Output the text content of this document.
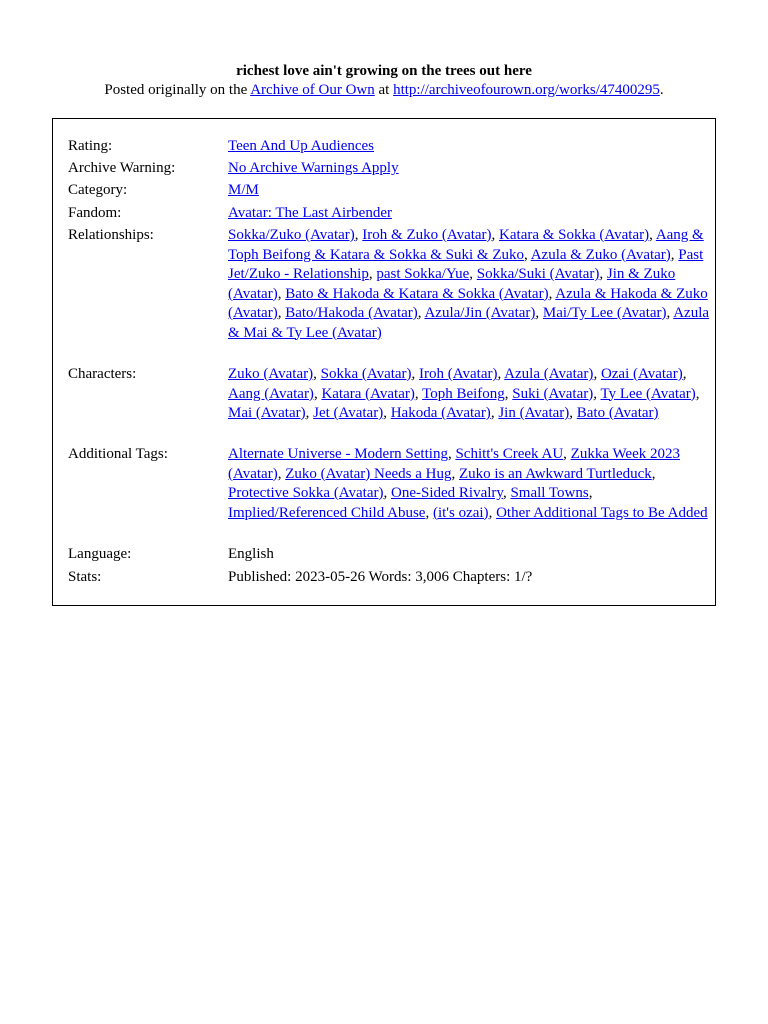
richest love ain't growing on the trees out here
Posted originally on the Archive of Our Own at http://archiveofourown.org/works/47400295.
Rating:	Teen And Up Audiences
Archive Warning:	No Archive Warnings Apply
Category:	M/M
Fandom:	Avatar: The Last Airbender
Relationships:	Sokka/Zuko (Avatar), Iroh & Zuko (Avatar), Katara & Sokka (Avatar), Aang & Toph Beifong & Katara & Sokka & Suki & Zuko, Azula & Zuko (Avatar), Past Jet/Zuko - Relationship, past Sokka/Yue, Sokka/Suki (Avatar), Jin & Zuko (Avatar), Bato & Hakoda & Katara & Sokka (Avatar), Azula & Hakoda & Zuko (Avatar), Bato/Hakoda (Avatar), Azula/Jin (Avatar), Mai/Ty Lee (Avatar), Azula & Mai & Ty Lee (Avatar)
Characters:	Zuko (Avatar), Sokka (Avatar), Iroh (Avatar), Azula (Avatar), Ozai (Avatar), Aang (Avatar), Katara (Avatar), Toph Beifong, Suki (Avatar), Ty Lee (Avatar), Mai (Avatar), Jet (Avatar), Hakoda (Avatar), Jin (Avatar), Bato (Avatar)
Additional Tags:	Alternate Universe - Modern Setting, Schitt's Creek AU, Zukka Week 2023 (Avatar), Zuko (Avatar) Needs a Hug, Zuko is an Awkward Turtleduck, Protective Sokka (Avatar), One-Sided Rivalry, Small Towns, Implied/Referenced Child Abuse, (it's ozai), Other Additional Tags to Be Added
Language:	English
Stats:	Published: 2023-05-26 Words: 3,006 Chapters: 1/?
